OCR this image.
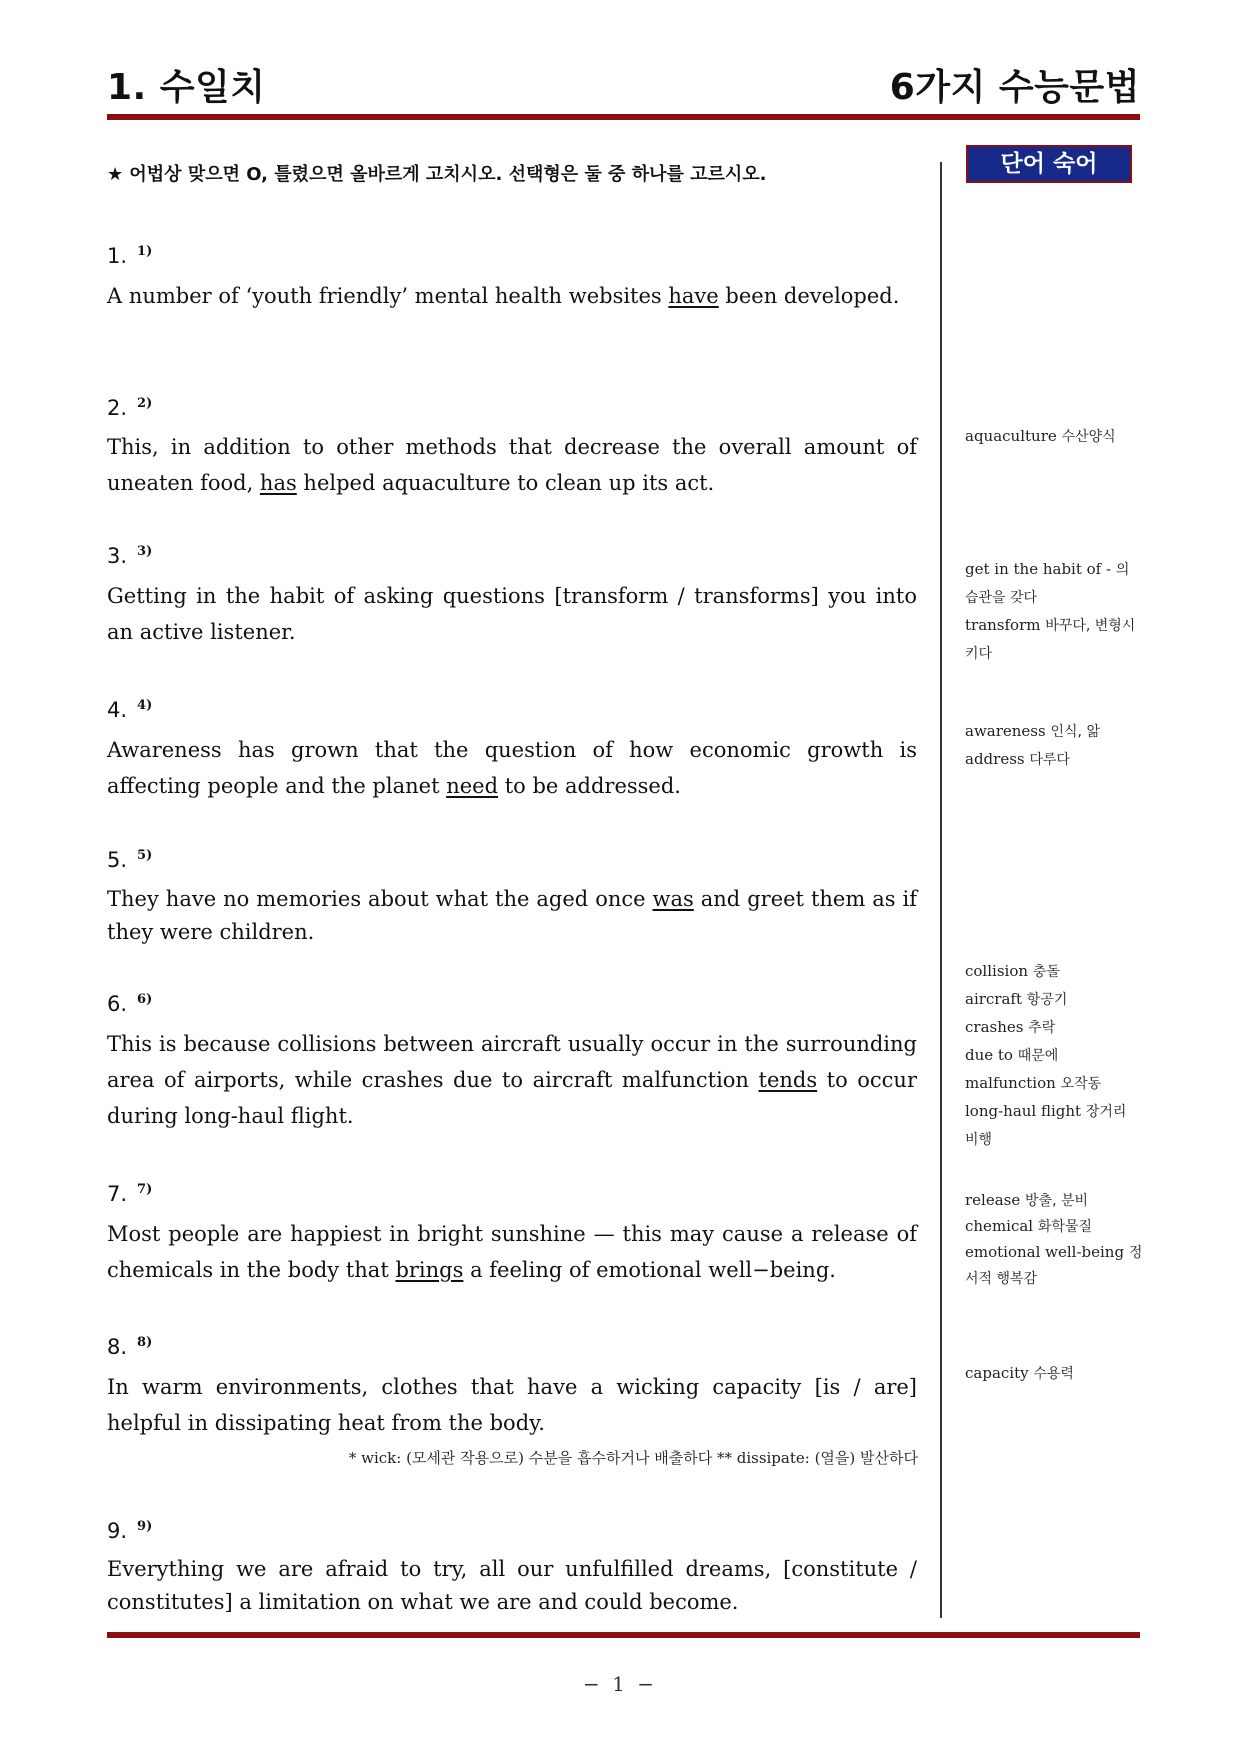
1. 수일치	6가지 수능문법
★ 어법상 맞으면 O, 틀렸으면 올바르게 고치시오. 선택형은 둘 중 하나를 고르시오.	단어 숙어
1. $^{1)}$
A number of ‘youth friendly’ mental health websites have been developed.
2. $^{2)}$
This, in addition to other methods that decrease the overall amount of uneaten food, has helped aquaculture to clean up its act.
3. $^{3)}$
Getting in the habit of asking questions [transform / transforms] you into an active listener.
4. $^{4)}$
Awareness has grown that the question of how economic growth is affecting people and the planet need to be addressed.
5. $^{5)}$
They have no memories about what the aged once was and greet them as if they were children.
6. $^{6)}$
This is because collisions between aircraft usually occur in the surrounding area of airports, while crashes due to aircraft malfunction tends to occur during long-haul flight.
7. $^{7)}$
Most people are happiest in bright sunshine — this may cause a release of chemicals in the body that brings a feeling of emotional well−being.
8. $^{8)}$
In warm environments, clothes that have a wicking capacity [is / are] helpful in dissipating heat from the body.
* wick: (모세관 작용으로) 수분을 흡수하거나 배출하다 ** dissipate: (열을) 발산하다
9. $^{9)}$
Everything we are afraid to try, all our unfulfilled dreams, [constitute / constitutes] a limitation on what we are and could become.
aquaculture 수산양식
get in the habit of - 의 습관을 갖다
transform 바꾸다, 변형시키다
awareness 인식, 앎
address 다루다
collision 충돌
aircraft 항공기
crashes 추락
due to 때문에
malfunction 오작동
long-haul flight 장거리 비행
release 방출, 분비
chemical 화학물질
emotional well-being 정서적 행복감
capacity 수용력
− 1 −
